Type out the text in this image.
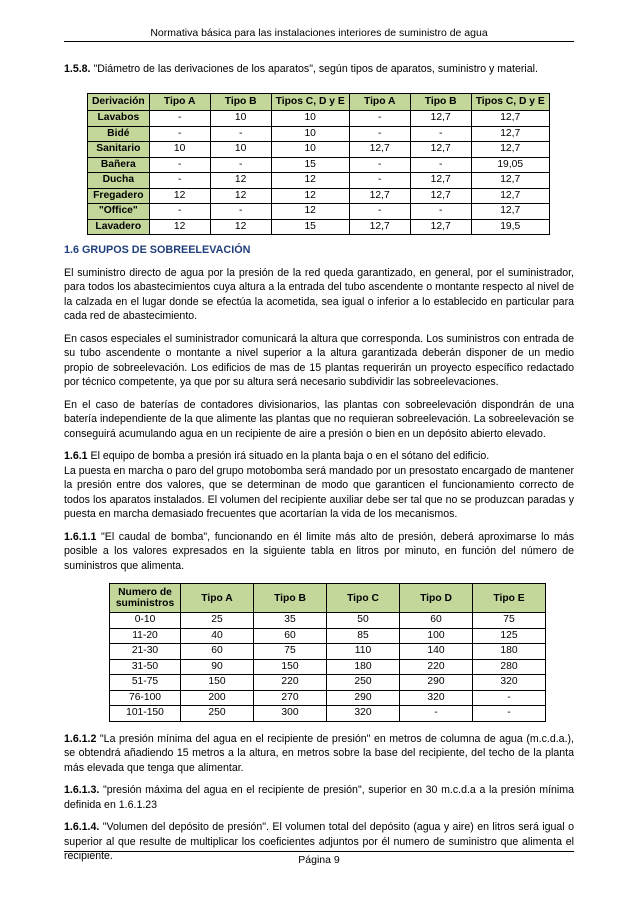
Normativa básica para las instalaciones interiores de suministro de agua

1.5.8. "Diámetro de las derivaciones de los aparatos", según tipos de aparatos, suministro y material.

Derivación	Tipo A	Tipo B	Tipos C, D y E	Tipo A	Tipo B	Tipos C, D y E
Lavabos	-	10	10	-	12,7	12,7
Bidé	-	-	10	-	-	12,7
Sanitario	10	10	10	12,7	12,7	12,7
Bañera	-	-	15	-	-	19,05
Ducha	-	12	12	-	12,7	12,7
Fregadero	12	12	12	12,7	12,7	12,7
"Office"	-	-	12	-	-	12,7
Lavadero	12	12	15	12,7	12,7	19,5
1.6 GRUPOS DE SOBREELEVACIÓN

El suministro directo de agua por la presión de la red queda garantizado, en general, por el suministrador, para todos los abastecimientos cuya altura a la entrada del tubo ascendente o montante respecto al nivel de la calzada en el lugar donde se efectúa la acometida, sea igual o inferior a lo establecido en particular para cada red de abastecimiento.

En casos especiales el suministrador comunicará la altura que corresponda. Los suministros con entrada de su tubo ascendente o montante a nivel superior a la altura garantizada deberán disponer de un medio propio de sobreelevación. Los edificios de mas de 15 plantas requerirán un proyecto específico redactado por técnico competente, ya que por su altura será necesario subdividir las sobreelevaciones.

En el caso de baterías de contadores divisionarios, las plantas con sobreelevación dispondrán de una batería independiente de la que alimente las plantas que no requieran sobreelevación. La sobreelevación se conseguirá acumulando agua en un recipiente de aire a presión o bien en un depósito abierto elevado.

1.6.1 El equipo de bomba a presión irá situado en la planta baja o en el sótano del edificio.
La puesta en marcha o paro del grupo motobomba será mandado por un presostato encargado de mantener la presión entre dos valores, que se determinan de modo que garanticen el funcionamiento correcto de todos los aparatos instalados. El volumen del recipiente auxiliar debe ser tal que no se produzcan paradas y puesta en marcha demasiado frecuentes que acortarían la vida de los mecanismos.

1.6.1.1 "El caudal de bomba", funcionando en él limite más alto de presión, deberá aproximarse lo más posible a los valores expresados en la siguiente tabla en litros por minuto, en función del número de suministros que alimenta.

Numero de suministros	Tipo A	Tipo B	Tipo C	Tipo D	Tipo E
0-10	25	35	50	60	75
11-20	40	60	85	100	125
21-30	60	75	110	140	180
31-50	90	150	180	220	280
51-75	150	220	250	290	320
76-100	200	270	290	320	-
101-150	250	300	320	-	-

1.6.1.2 "La presión mínima del agua en el recipiente de presión" en metros de columna de agua (m.c.d.a.), se obtendrá añadiendo 15 metros a la altura, en metros sobre la base del recipiente, del techo de la planta más elevada que tenga que alimentar.

1.6.1.3. "presión máxima del agua en el recipiente de presión", superior en 30 m.c.d.a a la presión mínima definida en 1.6.1.23

1.6.1.4. "Volumen del depósito de presión". El volumen total del depósito (agua y aire) en litros será igual o superior al que resulte de multiplicar los coeficientes adjuntos por él numero de suministro que alimenta el recipiente.	Página 9
